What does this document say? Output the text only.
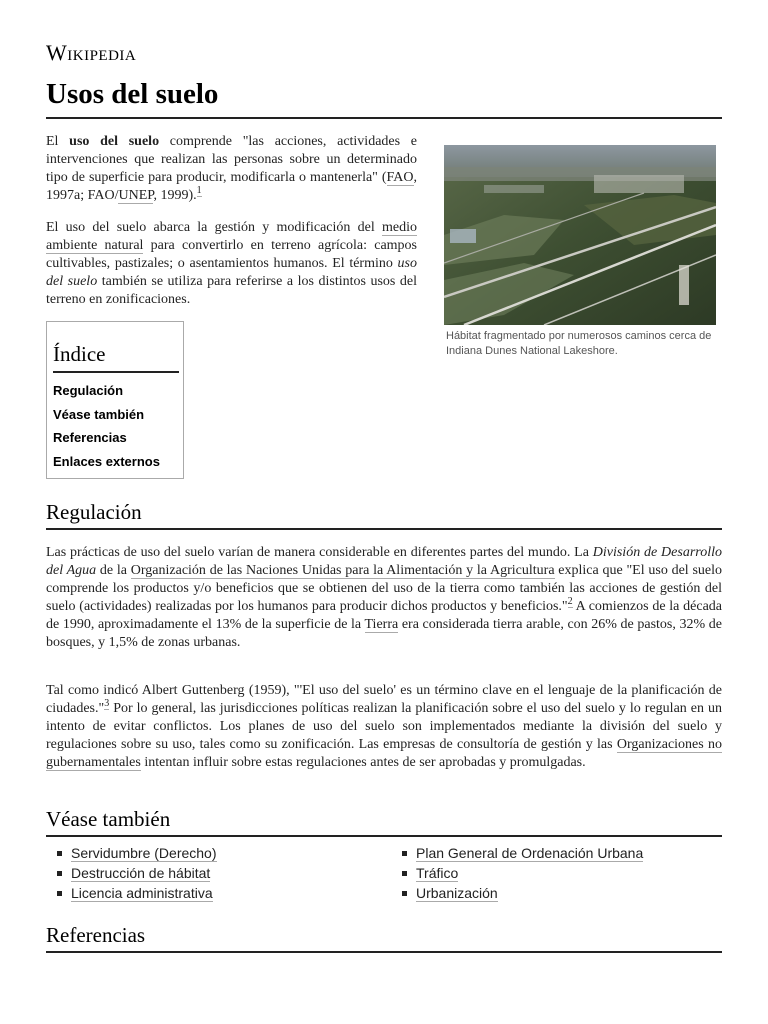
Wikipedia
Usos del suelo

El uso del suelo comprende "las acciones, actividades e intervenciones que realizan las personas sobre un determinado tipo de superficie para producir, modificarla o mantenerla" (FAO, 1997a; FAO/UNEP, 1999).$^1$

El uso del suelo abarca la gestión y modificación del medio ambiente natural para convertirlo en terreno agrícola: campos cultivables, pastizales; o asentamientos humanos. El término uso del suelo también se utiliza para referirse a los distintos usos del terreno en zonificaciones.

Hábitat fragmentado por numerosos caminos cerca de Indiana Dunes National Lakeshore.
Índice
Regulación
Véase también
Referencias
Enlaces externos
Regulación

Las prácticas de uso del suelo varían de manera considerable en diferentes partes del mundo. La División de Desarrollo del Agua de la Organización de las Naciones Unidas para la Alimentación y la Agricultura explica que "El uso del suelo comprende los productos y/o beneficios que se obtienen del uso de la tierra como también las acciones de gestión del suelo (actividades) realizadas por los humanos para producir dichos productos y beneficios."$^2$ A comienzos de la década de 1990, aproximadamente el 13% de la superficie de la Tierra era considerada tierra arable, con 26% de pastos, 32% de bosques, y 1,5% de zonas urbanas.

Tal como indicó Albert Guttenberg (1959), "'El uso del suelo' es un término clave en el lenguaje de la planificación de ciudades."$^3$ Por lo general, las jurisdicciones políticas realizan la planificación sobre el uso del suelo y lo regulan en un intento de evitar conflictos. Los planes de uso del suelo son implementados mediante la división del suelo y regulaciones sobre su uso, tales como su zonificación. Las empresas de consultoría de gestión y las Organizaciones no gubernamentales intentan influir sobre estas regulaciones antes de ser aprobadas y promulgadas.

Véase también
Servidumbre (Derecho)
Destrucción de hábitat
Licencia administrativa
Plan General de Ordenación Urbana
Tráfico
Urbanización
Referencias
